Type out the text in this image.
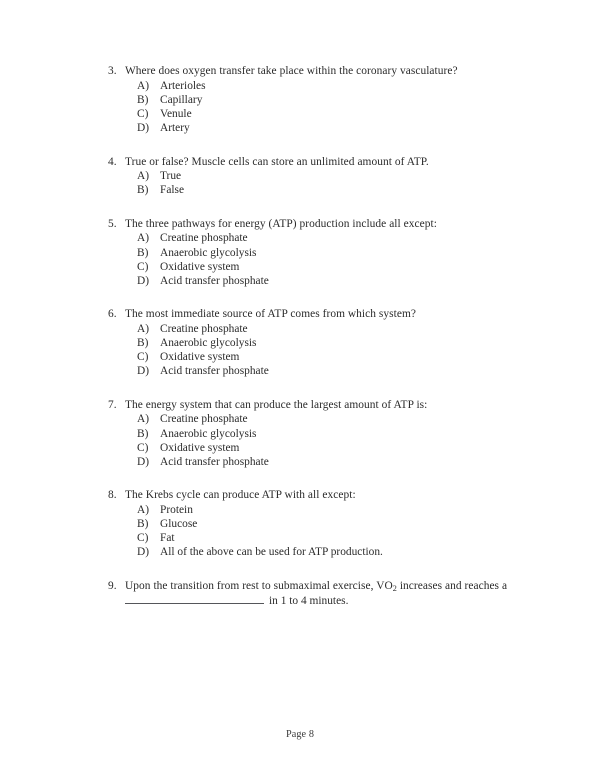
3. Where does oxygen transfer take place within the coronary vasculature?
A) Arterioles
B)	Capillary
C)	Venule
D) Artery
4. True or false? Muscle cells can store an unlimited amount of ATP.
A) True
B)	False
5. The three pathways for energy (ATP) production include all except:
A) Creatine phosphate
B)	Anaerobic glycolysis
C)	Oxidative system
D) Acid transfer phosphate
6. The most immediate source of ATP comes from which system?
A) Creatine phosphate
B)	Anaerobic glycolysis
C)	Oxidative system
D) Acid transfer phosphate
7. The energy system that can produce the largest amount of ATP is:
A) Creatine phosphate
B)	Anaerobic glycolysis
C)	Oxidative system
D) Acid transfer phosphate
8. The Krebs cycle can produce ATP with all except:
A) Protein
B)	Glucose
C)	Fat
D) All of the above can be used for ATP production.
9. Upon the transition from rest to submaximal exercise, $VO_2$ increases and reaches a
in 1 to 4 minutes.
Page 8
